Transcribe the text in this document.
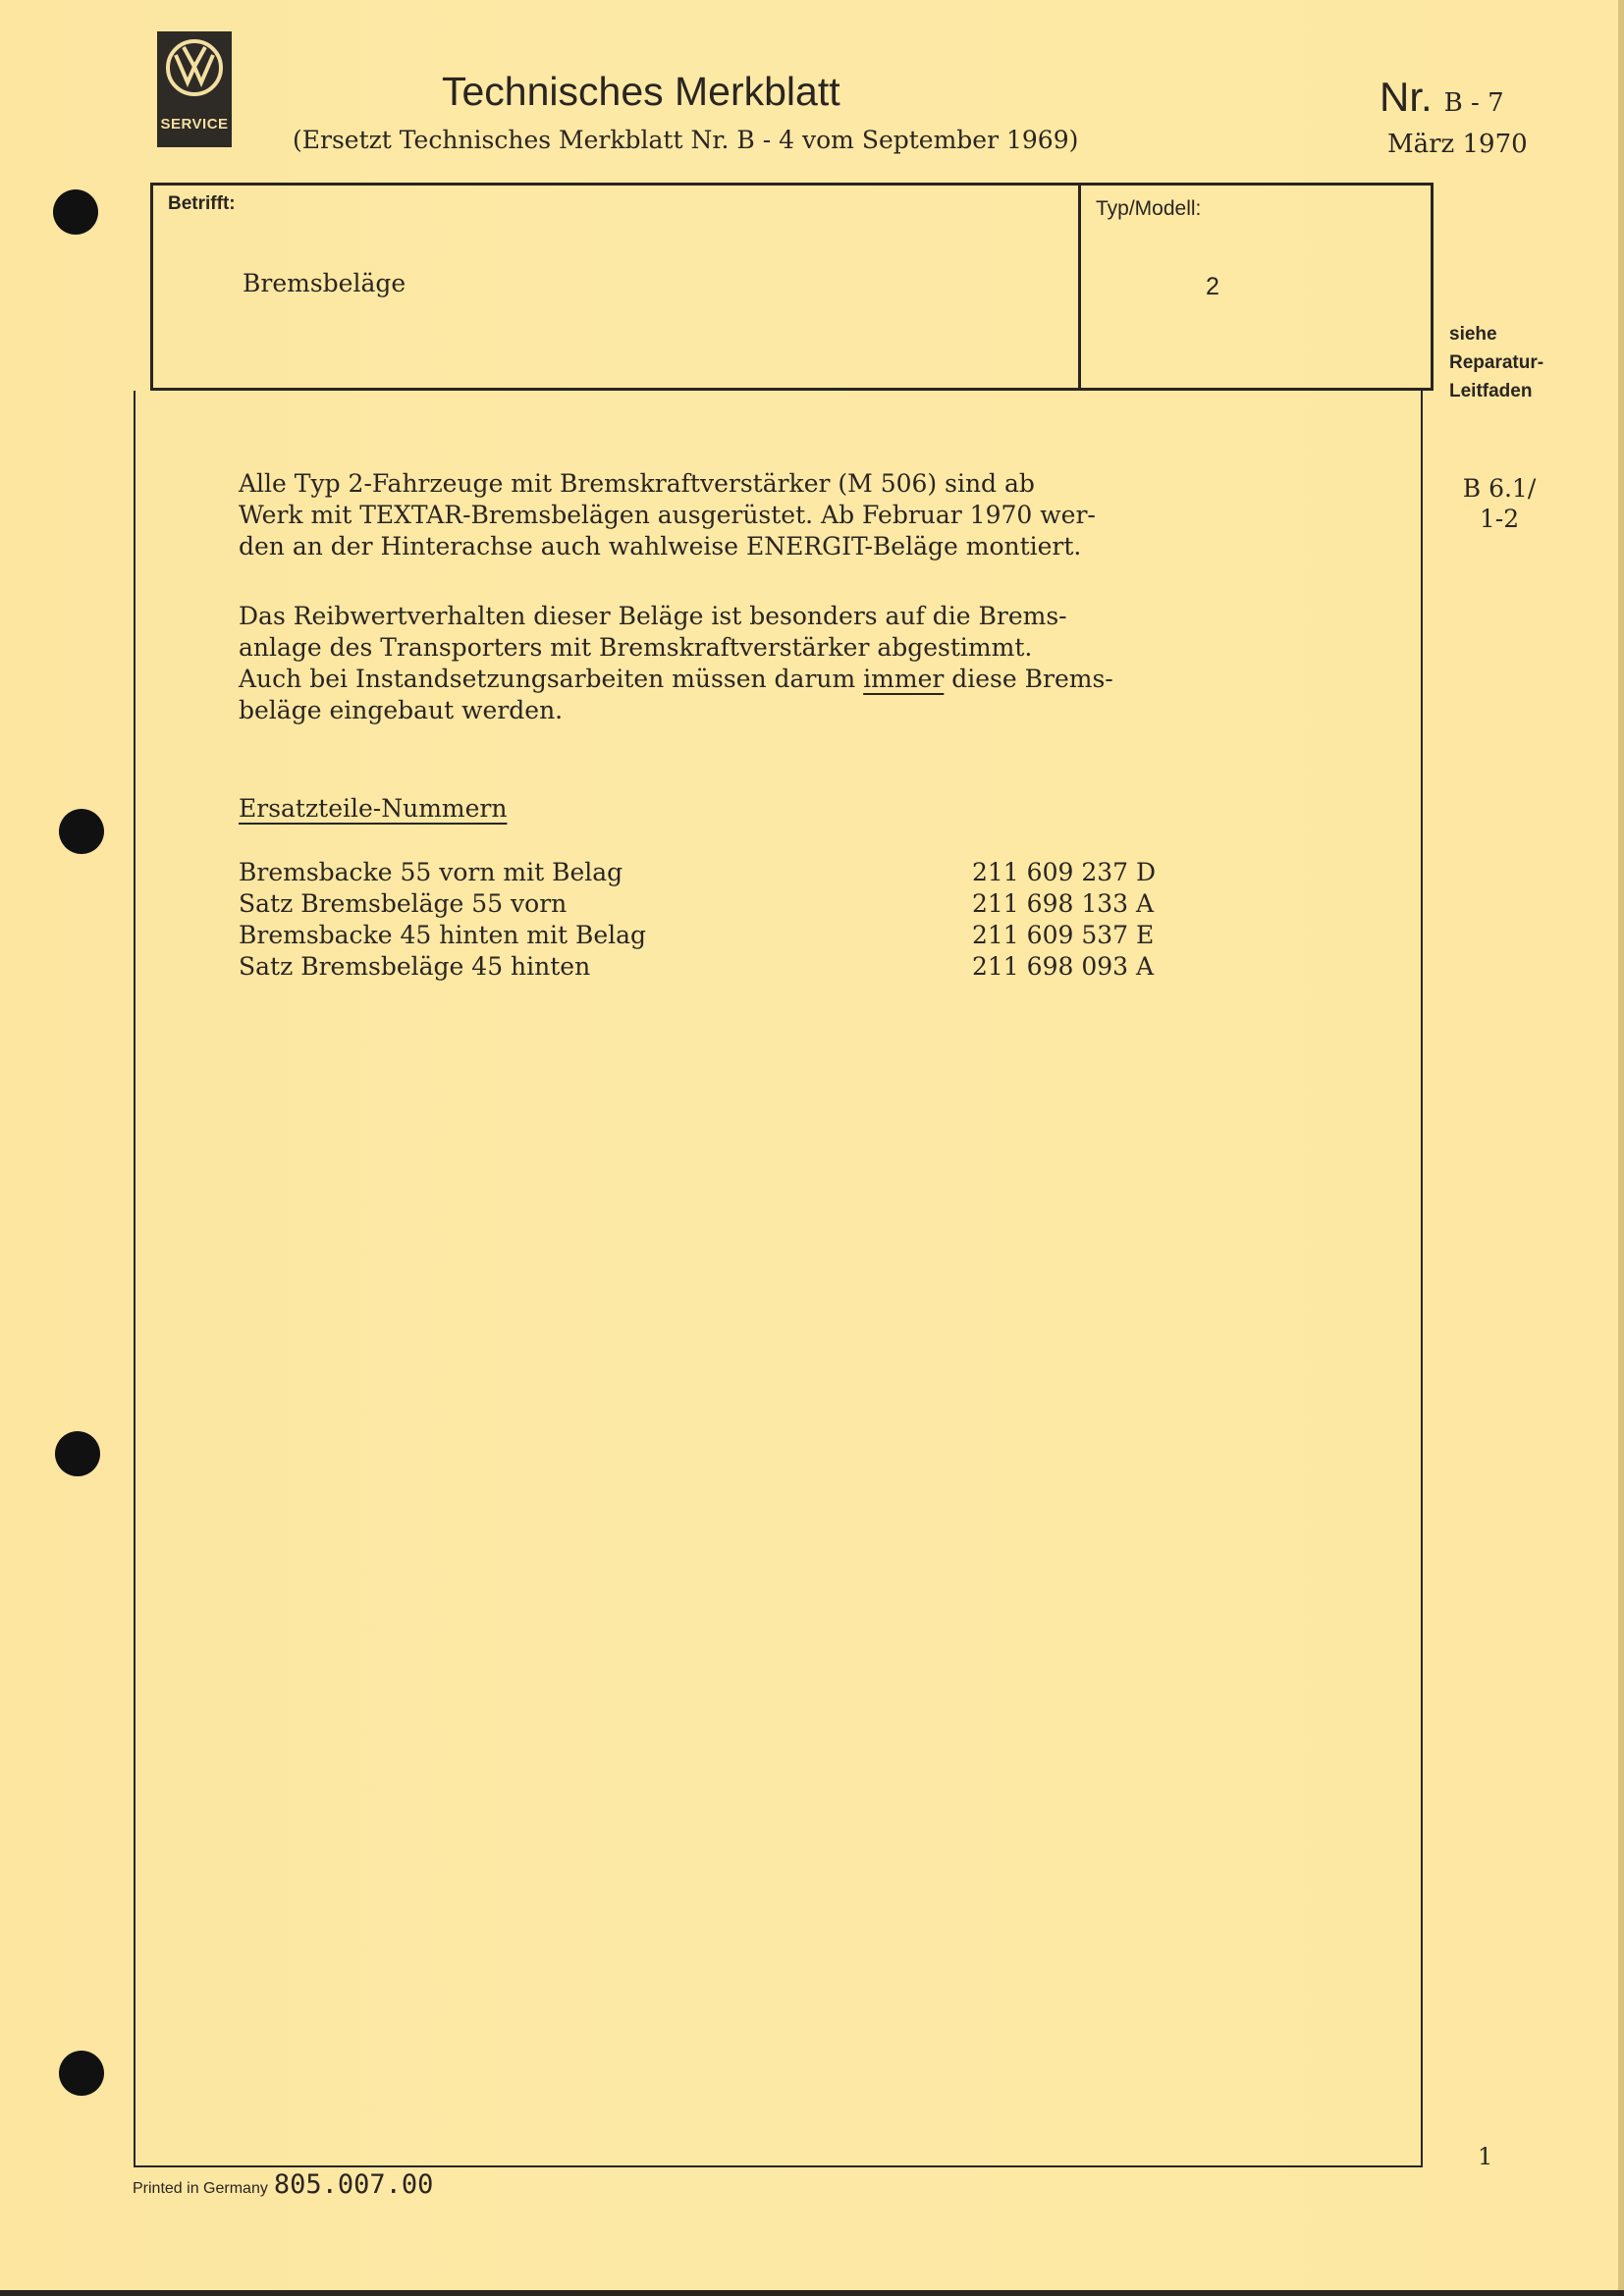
SERVICE
Technisches Merkblatt
(Ersetzt Technisches Merkblatt Nr. B - 4 vom September 1969)
Nr. B - 7
März 1970
Betrifft:
Bremsbeläge
Typ/Modell:
2
siehe
Reparatur-
Leitfaden
B 6.1/
1-2
Alle Typ 2-Fahrzeuge mit Bremskraftverstärker (M 506) sind ab
Werk mit TEXTAR-Bremsbelägen ausgerüstet. Ab Februar 1970 wer-
den an der Hinterachse auch wahlweise ENERGIT-Beläge montiert.
Das Reibwertverhalten dieser Beläge ist besonders auf die Brems-
anlage des Transporters mit Bremskraftverstärker abgestimmt.
Auch bei Instandsetzungsarbeiten müssen darum immer diese Brems-
beläge eingebaut werden.
Ersatzteile-Nummern
Bremsbacke 55 vorn mit Belag	211 609 237 D
Satz Bremsbeläge 55 vorn	211 698 133 A
Bremsbacke 45 hinten mit Belag	211 609 537 E
Satz Bremsbeläge 45 hinten	211 698 093 A
1
Printed in Germany 805.007.00
